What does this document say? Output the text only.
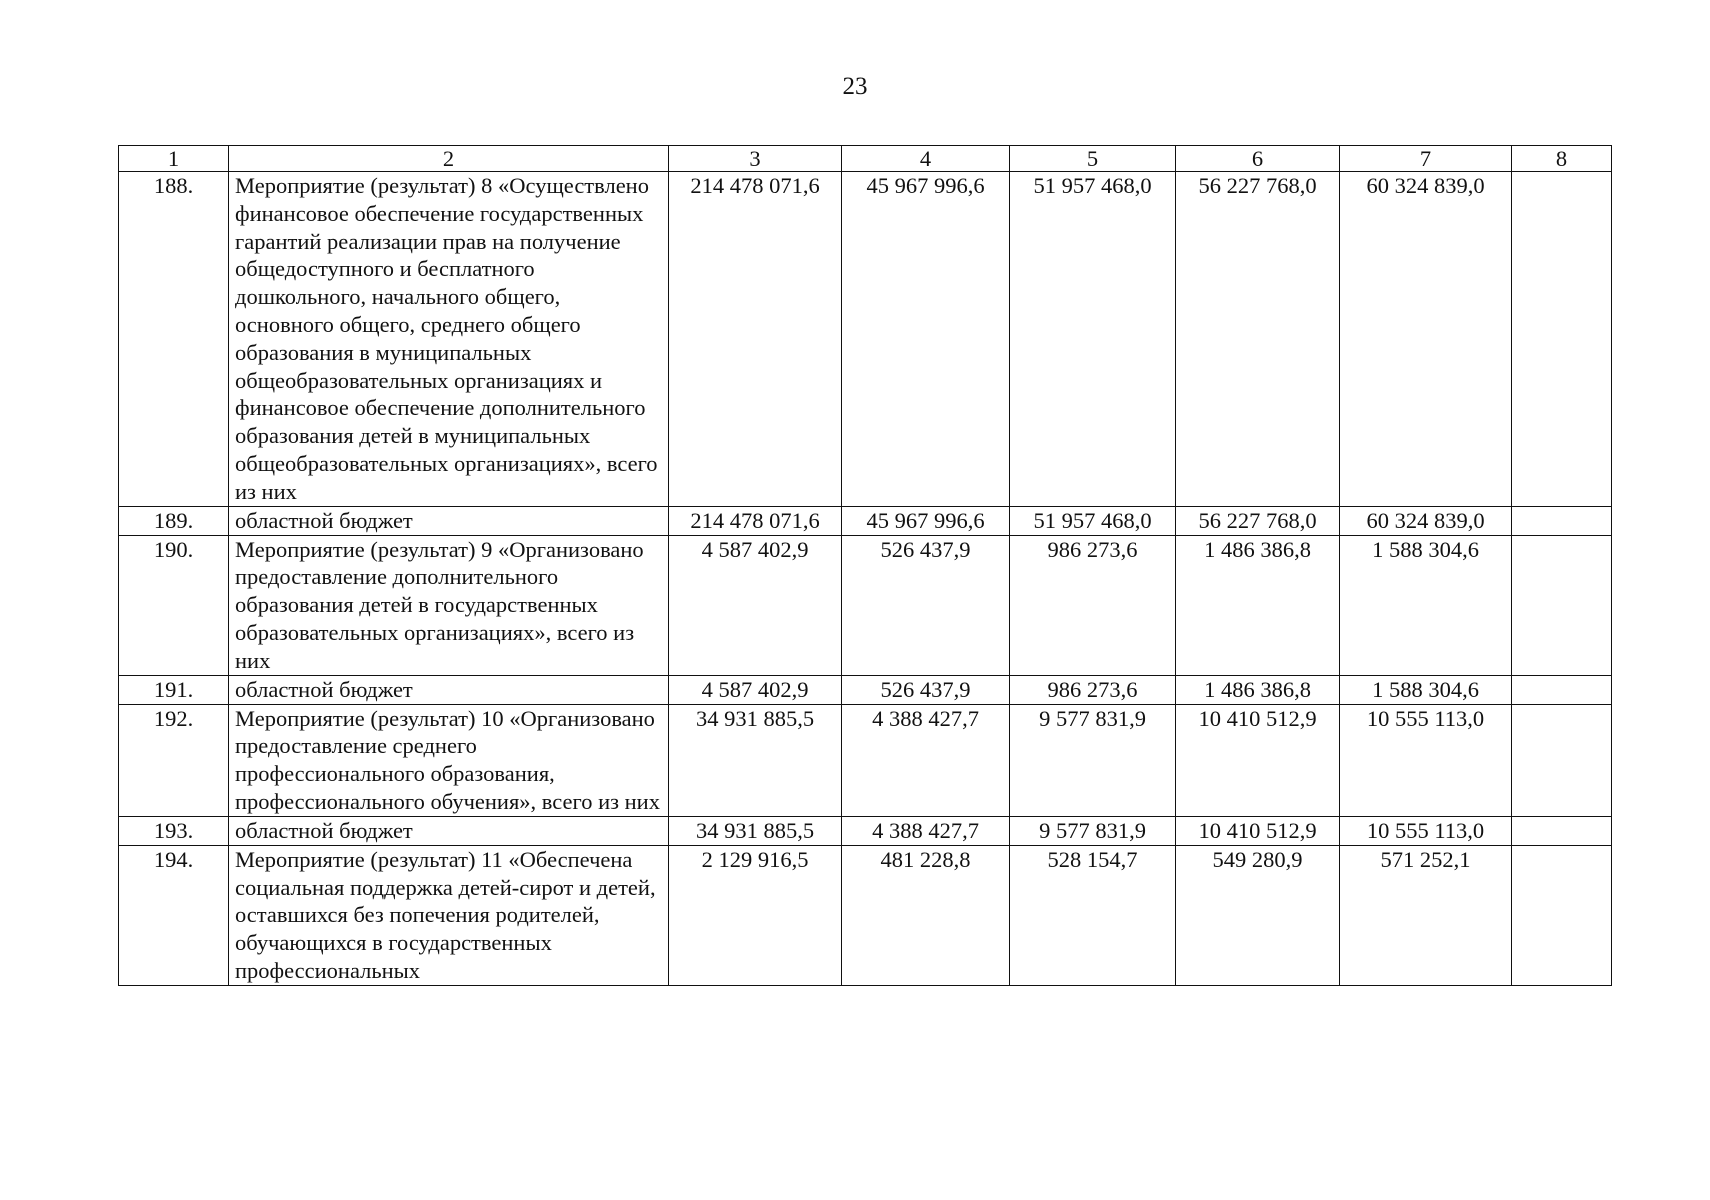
23
1	2	3	4	5	6	7	8
188.	Мероприятие (результат) 8 «Осуществлено финансовое обеспечение государственных гарантий реализации прав на получение общедоступного и бесплатного дошкольного, начального общего, основного общего, среднего общего образования в муниципальных общеобразовательных организациях и финансовое обеспечение дополнительного образования детей в муниципальных общеобразовательных организациях», всего из них	214 478 071,6	45 967 996,6	51 957 468,0	56 227 768,0	60 324 839,0	
189.	областной бюджет	214 478 071,6	45 967 996,6	51 957 468,0	56 227 768,0	60 324 839,0	
190.	Мероприятие (результат) 9 «Организовано предоставление дополнительного образования детей в государственных образовательных организациях», всего из них	4 587 402,9	526 437,9	986 273,6	1 486 386,8	1 588 304,6	
191.	областной бюджет	4 587 402,9	526 437,9	986 273,6	1 486 386,8	1 588 304,6	
192.	Мероприятие (результат) 10 «Организовано предоставление среднего профессионального образования, профессионального обучения», всего из них	34 931 885,5	4 388 427,7	9 577 831,9	10 410 512,9	10 555 113,0	
193.	областной бюджет	34 931 885,5	4 388 427,7	9 577 831,9	10 410 512,9	10 555 113,0	
194.	Мероприятие (результат) 11 «Обеспечена социальная поддержка детей-сирот и детей, оставшихся без попечения родителей, обучающихся в государственных профессиональных	2 129 916,5	481 228,8	528 154,7	549 280,9	571 252,1	
